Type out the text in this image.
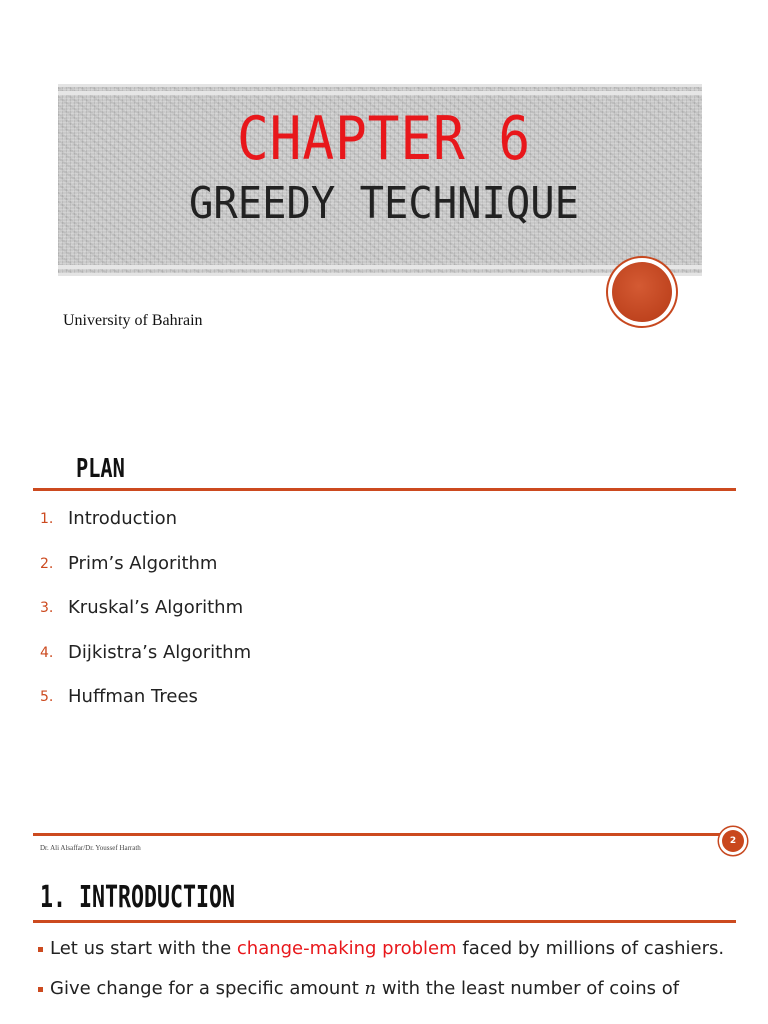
CHAPTER 6
GREEDY TECHNIQUE
University of Bahrain
PLAN
1. Introduction
2. Prim’s Algorithm
3. Kruskal’s Algorithm
4. Dijkistra’s Algorithm
5. Huffman Trees
Dr. Ali Alsaffar/Dr. Youssef Harrath
2
1. INTRODUCTION
Let us start with the change-making problem faced by millions of cashiers.
Give change for a specific amount n with the least number of coins of
